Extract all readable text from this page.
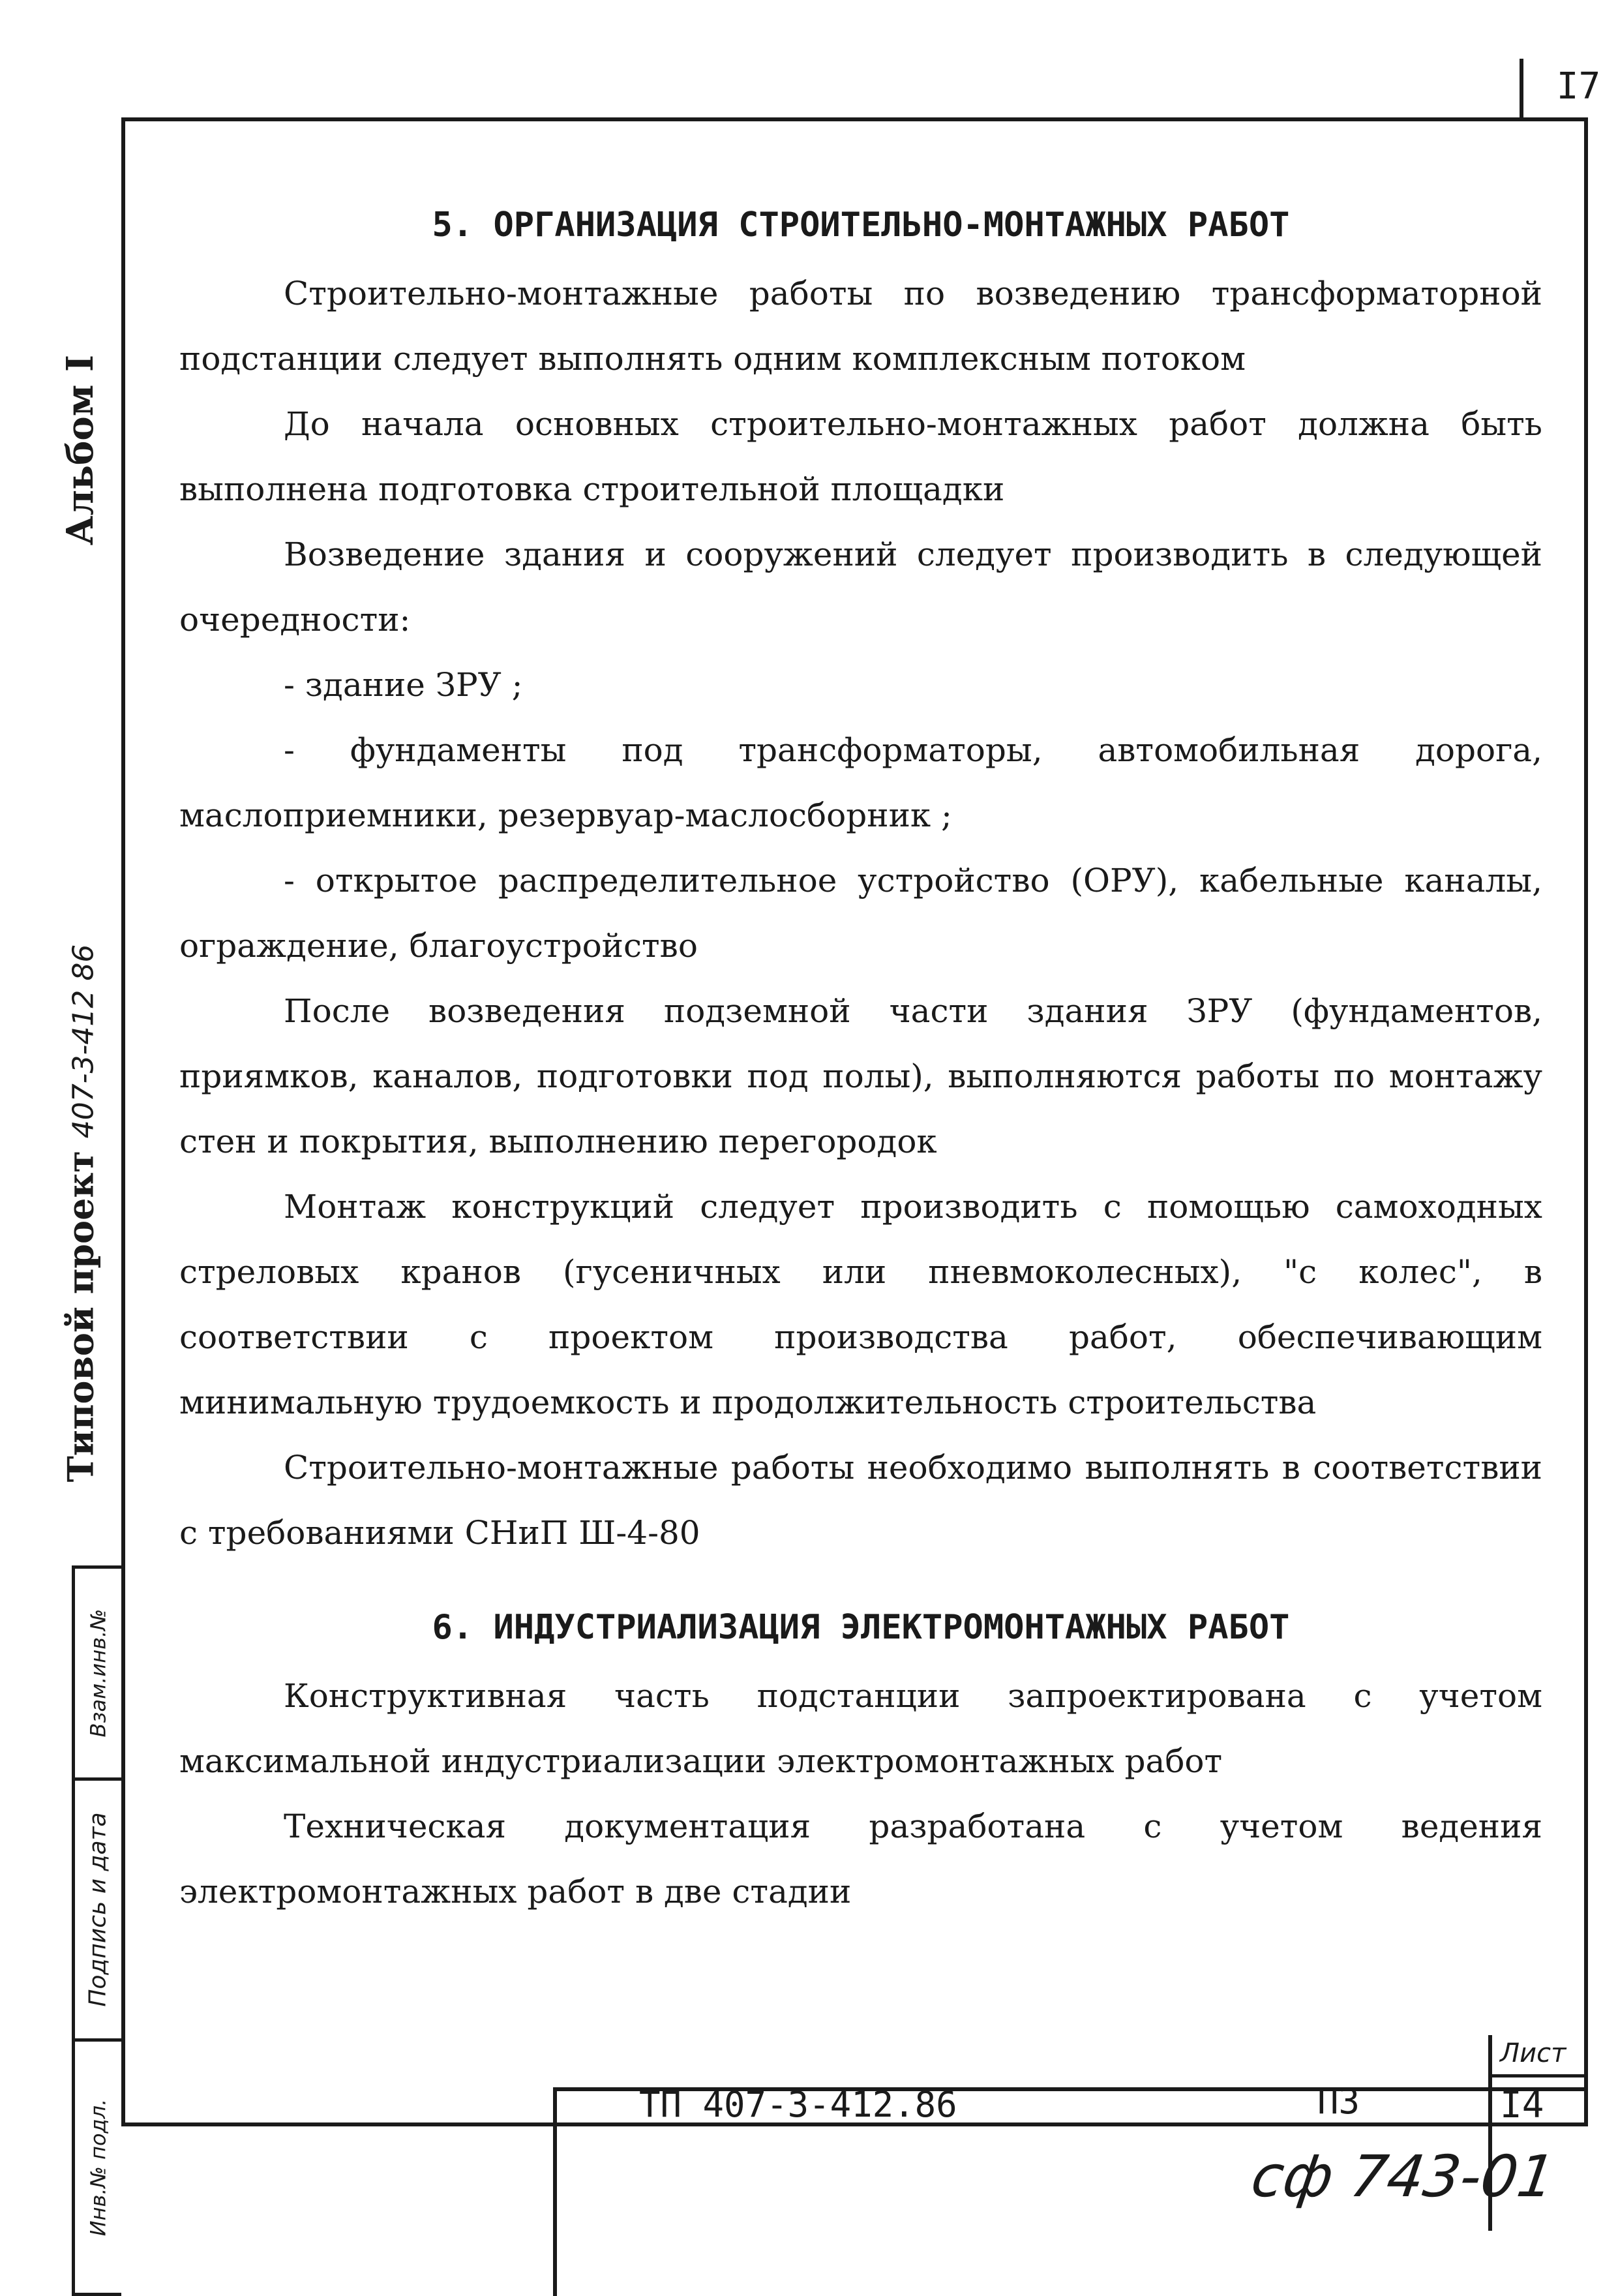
I7
Альбом I
Типовой проект 407-3-412 86
Взам.инв.№
Подпись и дата
Инв.№ подл.
5. ОРГАНИЗАЦИЯ СТРОИТЕЛЬНО-МОНТАЖНЫХ РАБОТ

Строительно-монтажные работы по возведению трансформаторной подстанции следует выполнять одним комплексным потоком

До начала основных строительно-монтажных работ должна быть выполнена подготовка строительной площадки

Возведение здания и сооружений следует производить в следующей очередности:

- здание ЗРУ ;

- фундаменты под трансформаторы, автомобильная дорога, маслоприемники, резервуар-маслосборник ;

- открытое распределительное устройство (ОРУ), кабельные каналы, ограждение, благоустройство

После возведения подземной части здания ЗРУ (фундаментов, приямков, каналов, подготовки под полы), выполняются работы по монтажу стен и покрытия, выполнению перегородок

Монтаж конструкций следует производить с помощью самоходных стреловых кранов (гусеничных или пневмоколесных), "с колес", в соответствии с проектом производства работ, обеспечивающим минимальную трудоемкость и продолжительность строительства

Строительно-монтажные работы необходимо выполнять в соответствии с требованиями СНиП Ш-4-80

6. ИНДУСТРИАЛИЗАЦИЯ ЭЛЕКТРОМОНТАЖНЫХ РАБОТ

Конструктивная часть подстанции запроектирована с учетом максимальной индустриализации электромонтажных работ

Техническая документация разработана с учетом ведения электромонтажных работ в две стадии

ТП 407-3-412.86	ПЗ
Лист
I4
сф 743-01
